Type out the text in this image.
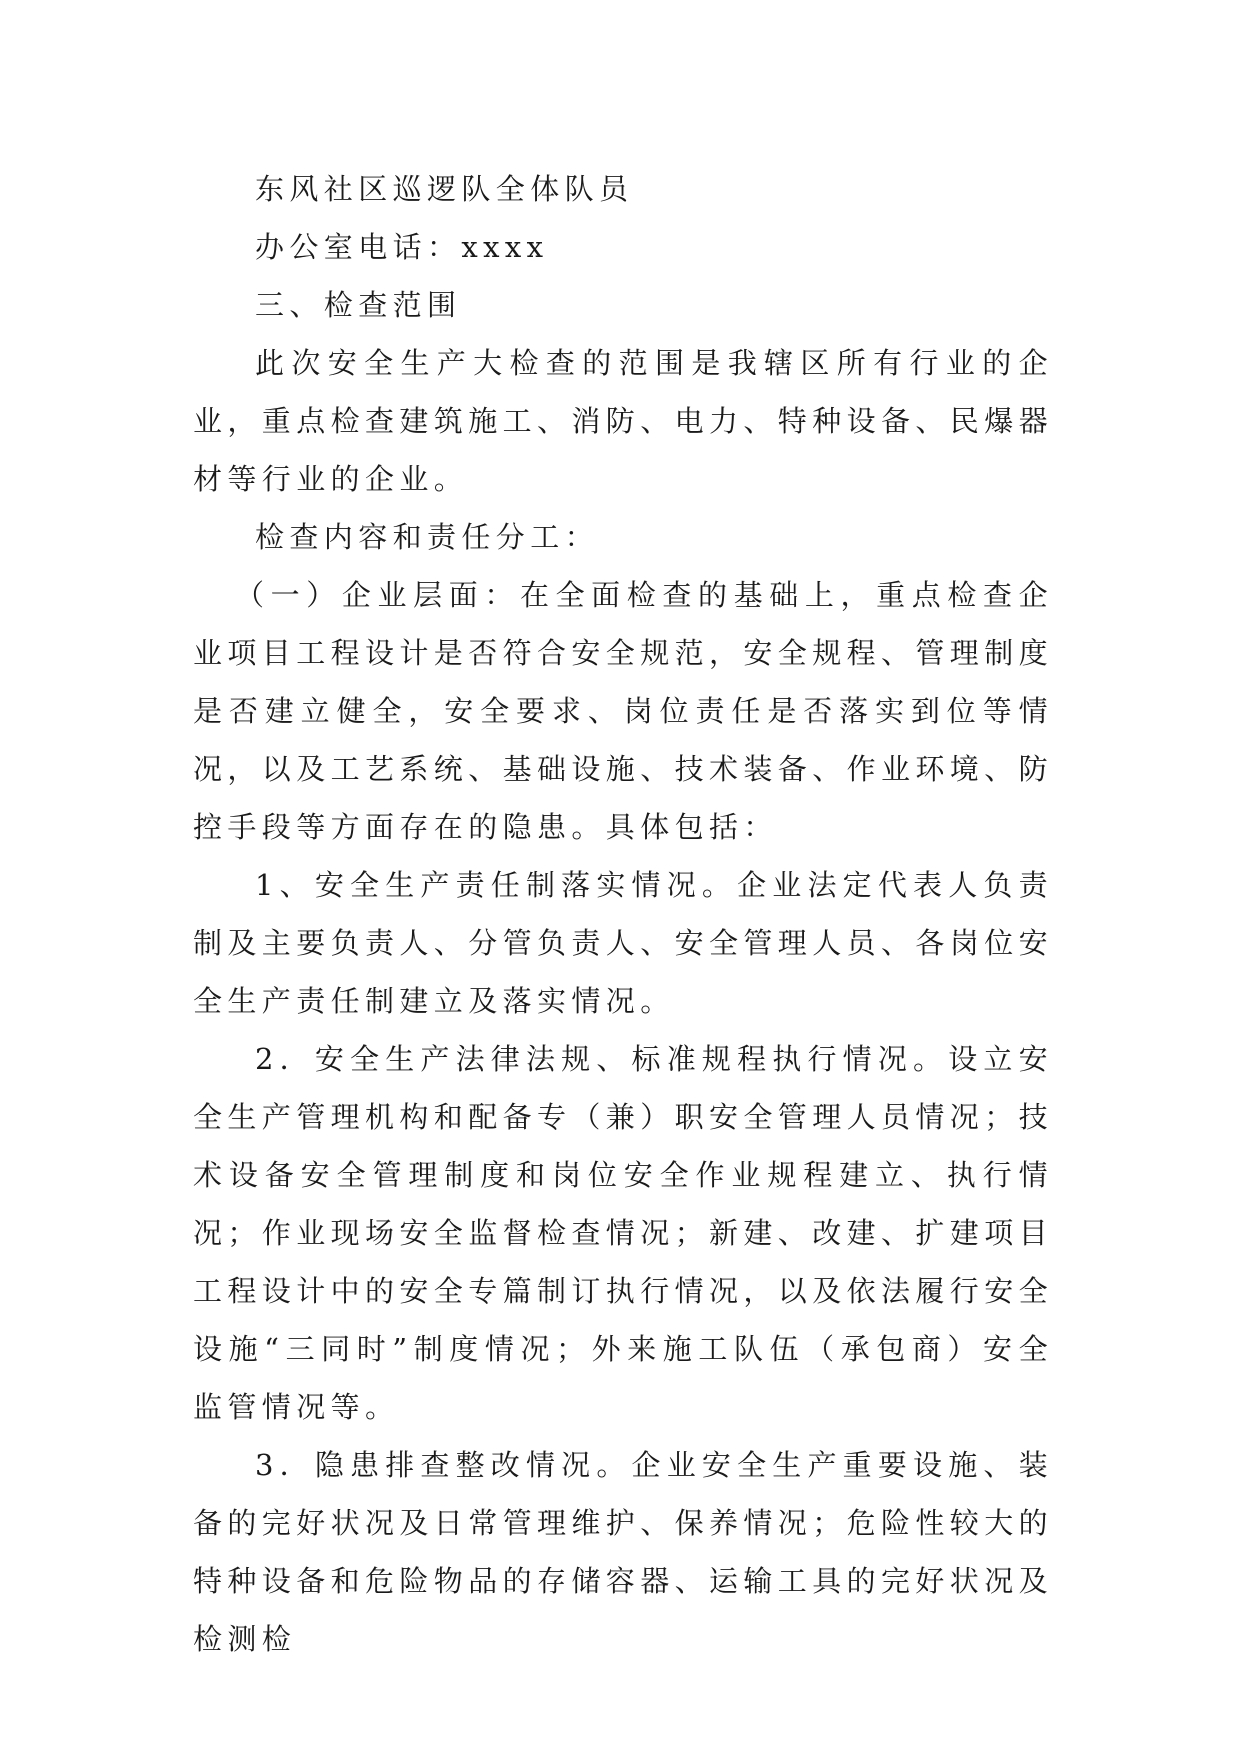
东风社区巡逻队全体队员

办公室电话：xxxx

三、检查范围

此次安全生产大检查的范围是我辖区所有行业的企业，重点检查建筑施工、消防、电力、特种设备、民爆器材等行业的企业。

检查内容和责任分工：

（一）企业层面：在全面检查的基础上，重点检查企业项目工程设计是否符合安全规范，安全规程、管理制度是否建立健全，安全要求、岗位责任是否落实到位等情况，以及工艺系统、基础设施、技术装备、作业环境、防控手段等方面存在的隐患。具体包括：

1、安全生产责任制落实情况。企业法定代表人负责制及主要负责人、分管负责人、安全管理人员、各岗位安全生产责任制建立及落实情况。

2．安全生产法律法规、标准规程执行情况。设立安全生产管理机构和配备专（兼）职安全管理人员情况；技术设备安全管理制度和岗位安全作业规程建立、执行情况；作业现场安全监督检查情况；新建、改建、扩建项目工程设计中的安全专篇制订执行情况，以及依法履行安全设施“三同时”制度情况；外来施工队伍（承包商）安全监管情况等。

3．隐患排查整改情况。企业安全生产重要设施、装备的完好状况及日常管理维护、保养情况；危险性较大的特种设备和危险物品的存储容器、运输工具的完好状况及检测检
